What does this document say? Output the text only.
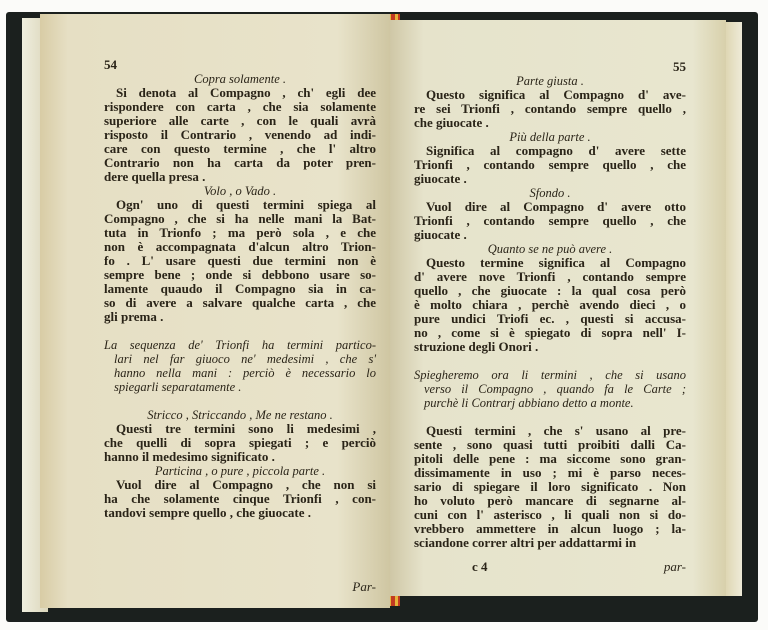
54
Copra solamente .
Si denota al Compagno , ch' egli dee
rispondere con carta , che sia solamente
superiore alle carte , con le quali avrà
risposto il Contrario , venendo ad indi-
care con questo termine , che l' altro
Contrario non ha carta da poter pren-
dere quella presa .
Volo , o Vado .
Ogn' uno di questi termini spiega al
Compagno , che si ha nelle mani la Bat-
tuta in Trionfo ; ma però sola , e che
non è accompagnata d'alcun altro Trion-
fo . L' usare questi due termini non è
sempre bene ; onde si debbono usare so-
lamente quaudo il Compagno sia in ca-
so di avere a salvare qualche carta , che
gli prema .
La sequenza de' Trionfi ha termini partico-
lari nel far giuoco ne' medesimi , che s'
hanno nella mani : perciò è necessario lo
spiegarli separatamente .
Stricco , Striccando , Me ne restano .
Questi tre termini sono li medesimi ,
che quelli di sopra spiegati ; e perciò
hanno il medesimo significato .
Particina , o pure , piccola parte .
Vuol dire al Compagno , che non si
ha che solamente cinque Trionfi , con-
tandovi sempre quello , che giuocate .
Par-
55
Parte giusta .
Questo significa al Compagno d' ave-
re sei Trionfi , contando sempre quello ,
che giuocate .
Più della parte .
Significa al compagno d' avere sette
Trionfi , contando sempre quello , che
giuocate .
Sfondo .
Vuol dire al Compagno d' avere otto
Trionfi , contando sempre quello , che
giuocate .
Quanto se ne può avere .
Questo termine significa al Compagno
d' avere nove Trionfi , contando sempre
quello , che giuocate : la qual cosa però
è molto chiara , perchè avendo dieci , o
pure undici Triofi ec. , questi si accusa-
no , come si è spiegato di sopra nell' I-
struzione degli Onori .
Spiegheremo ora li termini , che si usano
verso il Compagno , quando fa le Carte ;
purchè li Contrarj abbiano detto a monte.
Questi termini , che s' usano al pre-
sente , sono quasi tutti proibiti dalli Ca-
pitoli delle pene : ma siccome sono gran-
dissimamente in uso ; mi è parso neces-
sario di spiegare il loro significato . Non
ho voluto però mancare di segnarne al-
cuni con l' asterisco , li quali non si do-
vrebbero ammettere in alcun luogo ; la-
sciandone correr altri per addattarmi in
c 4	par-
